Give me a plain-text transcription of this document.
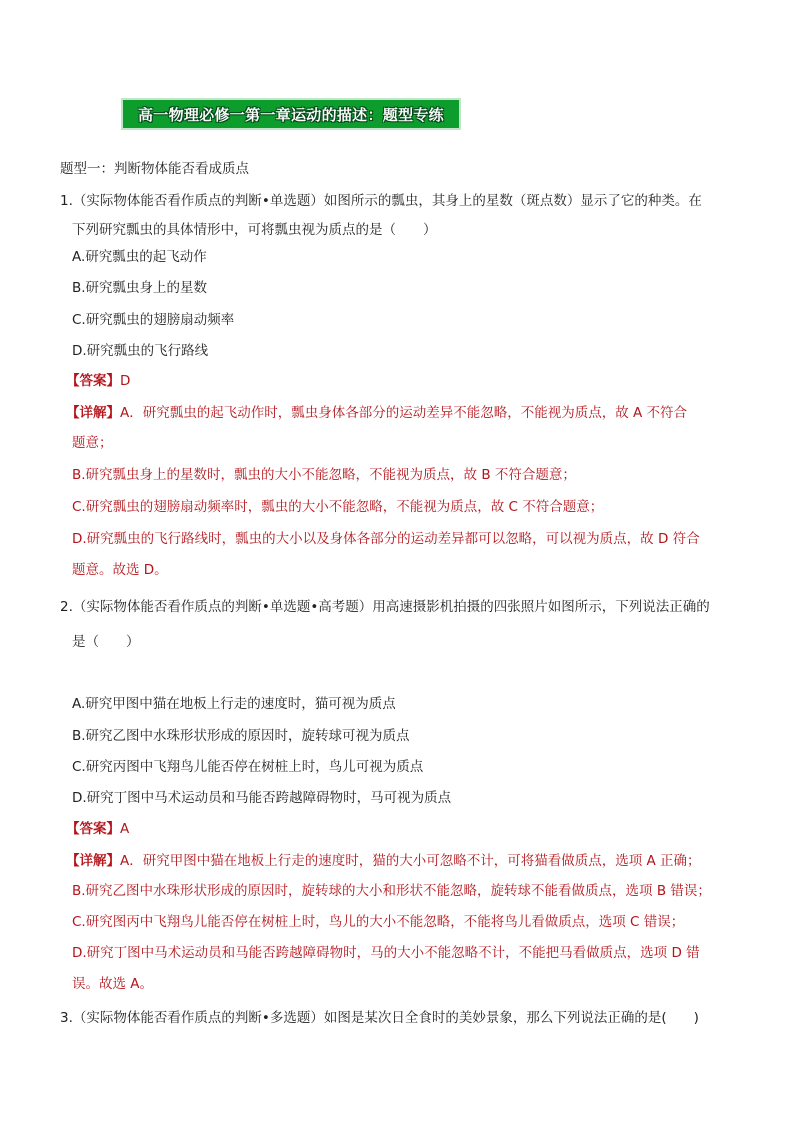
高一物理必修一第一章运动的描述：题型专练
题型一：判断物体能否看成质点
1.（实际物体能否看作质点的判断•单选题）如图所示的瓢虫，其身上的星数（斑点数）显示了它的种类。在
下列研究瓢虫的具体情形中，可将瓢虫视为质点的是（　　）
A.研究瓢虫的起飞动作
B.研究瓢虫身上的星数
C.研究瓢虫的翅膀扇动频率
D.研究瓢虫的飞行路线
【答案】D
【详解】A．研究瓢虫的起飞动作时，瓢虫身体各部分的运动差异不能忽略，不能视为质点，故 A 不符合
题意；
B.研究瓢虫身上的星数时，瓢虫的大小不能忽略，不能视为质点，故 B 不符合题意；
C.研究瓢虫的翅膀扇动频率时，瓢虫的大小不能忽略，不能视为质点，故 C 不符合题意；
D.研究瓢虫的飞行路线时，瓢虫的大小以及身体各部分的运动差异都可以忽略，可以视为质点，故 D 符合
题意。故选 D。
2.（实际物体能否看作质点的判断•单选题•高考题）用高速摄影机拍摄的四张照片如图所示，下列说法正确的
是（　　）
A.研究甲图中猫在地板上行走的速度时，猫可视为质点
B.研究乙图中水珠形状形成的原因时，旋转球可视为质点
C.研究丙图中飞翔鸟儿能否停在树桩上时，鸟儿可视为质点
D.研究丁图中马术运动员和马能否跨越障碍物时，马可视为质点
【答案】A
【详解】A．研究甲图中猫在地板上行走的速度时，猫的大小可忽略不计，可将猫看做质点，选项 A 正确；
B.研究乙图中水珠形状形成的原因时，旋转球的大小和形状不能忽略，旋转球不能看做质点，选项 B 错误；
C.研究图丙中飞翔鸟儿能否停在树桩上时，鸟儿的大小不能忽略，不能将鸟儿看做质点，选项 C 错误；
D.研究丁图中马术运动员和马能否跨越障碍物时，马的大小不能忽略不计，不能把马看做质点，选项 D 错
误。故选 A。
3.（实际物体能否看作质点的判断•多选题）如图是某次日全食时的美妙景象，那么下列说法正确的是(　　)
